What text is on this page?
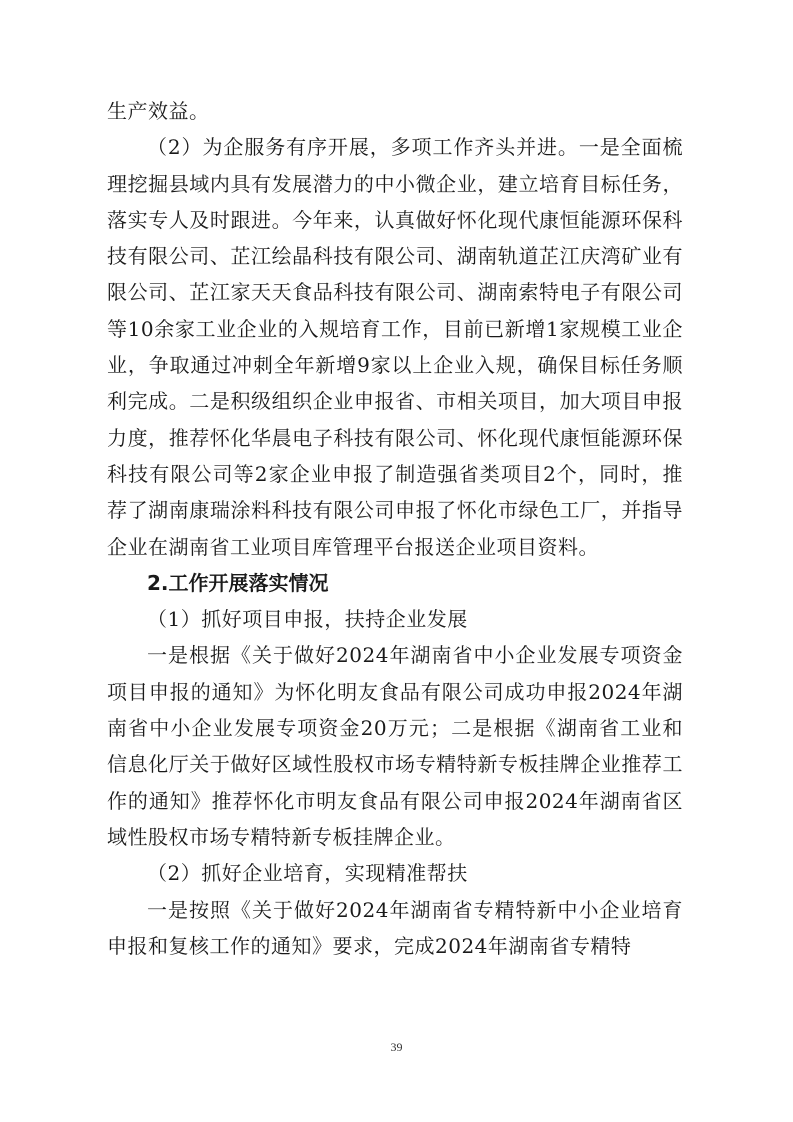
生产效益。

（2）为企服务有序开展，多项工作齐头并进。一是全面梳理挖掘县域内具有发展潜力的中小微企业，建立培育目标任务，落实专人及时跟进。今年来，认真做好怀化现代康恒能源环保科技有限公司、芷江绘晶科技有限公司、湖南轨道芷江庆湾矿业有限公司、芷江家天天食品科技有限公司、湖南索特电子有限公司等10余家工业企业的入规培育工作，目前已新增1家规模工业企业，争取通过冲刺全年新增9家以上企业入规，确保目标任务顺利完成。二是积级组织企业申报省、市相关项目，加大项目申报力度，推荐怀化华晨电子科技有限公司、怀化现代康恒能源环保科技有限公司等2家企业申报了制造强省类项目2个，同时，推荐了湖南康瑞涂料科技有限公司申报了怀化市绿色工厂，并指导企业在湖南省工业项目库管理平台报送企业项目资料。

2.工作开展落实情况

（1）抓好项目申报，扶持企业发展

一是根据《关于做好2024年湖南省中小企业发展专项资金项目申报的通知》为怀化明友食品有限公司成功申报2024年湖南省中小企业发展专项资金20万元；二是根据《湖南省工业和信息化厅关于做好区域性股权市场专精特新专板挂牌企业推荐工作的通知》推荐怀化市明友食品有限公司申报2024年湖南省区域性股权市场专精特新专板挂牌企业。

（2）抓好企业培育，实现精准帮扶

一是按照《关于做好2024年湖南省专精特新中小企业培育申报和复核工作的通知》要求，完成2024年湖南省专精特

39
